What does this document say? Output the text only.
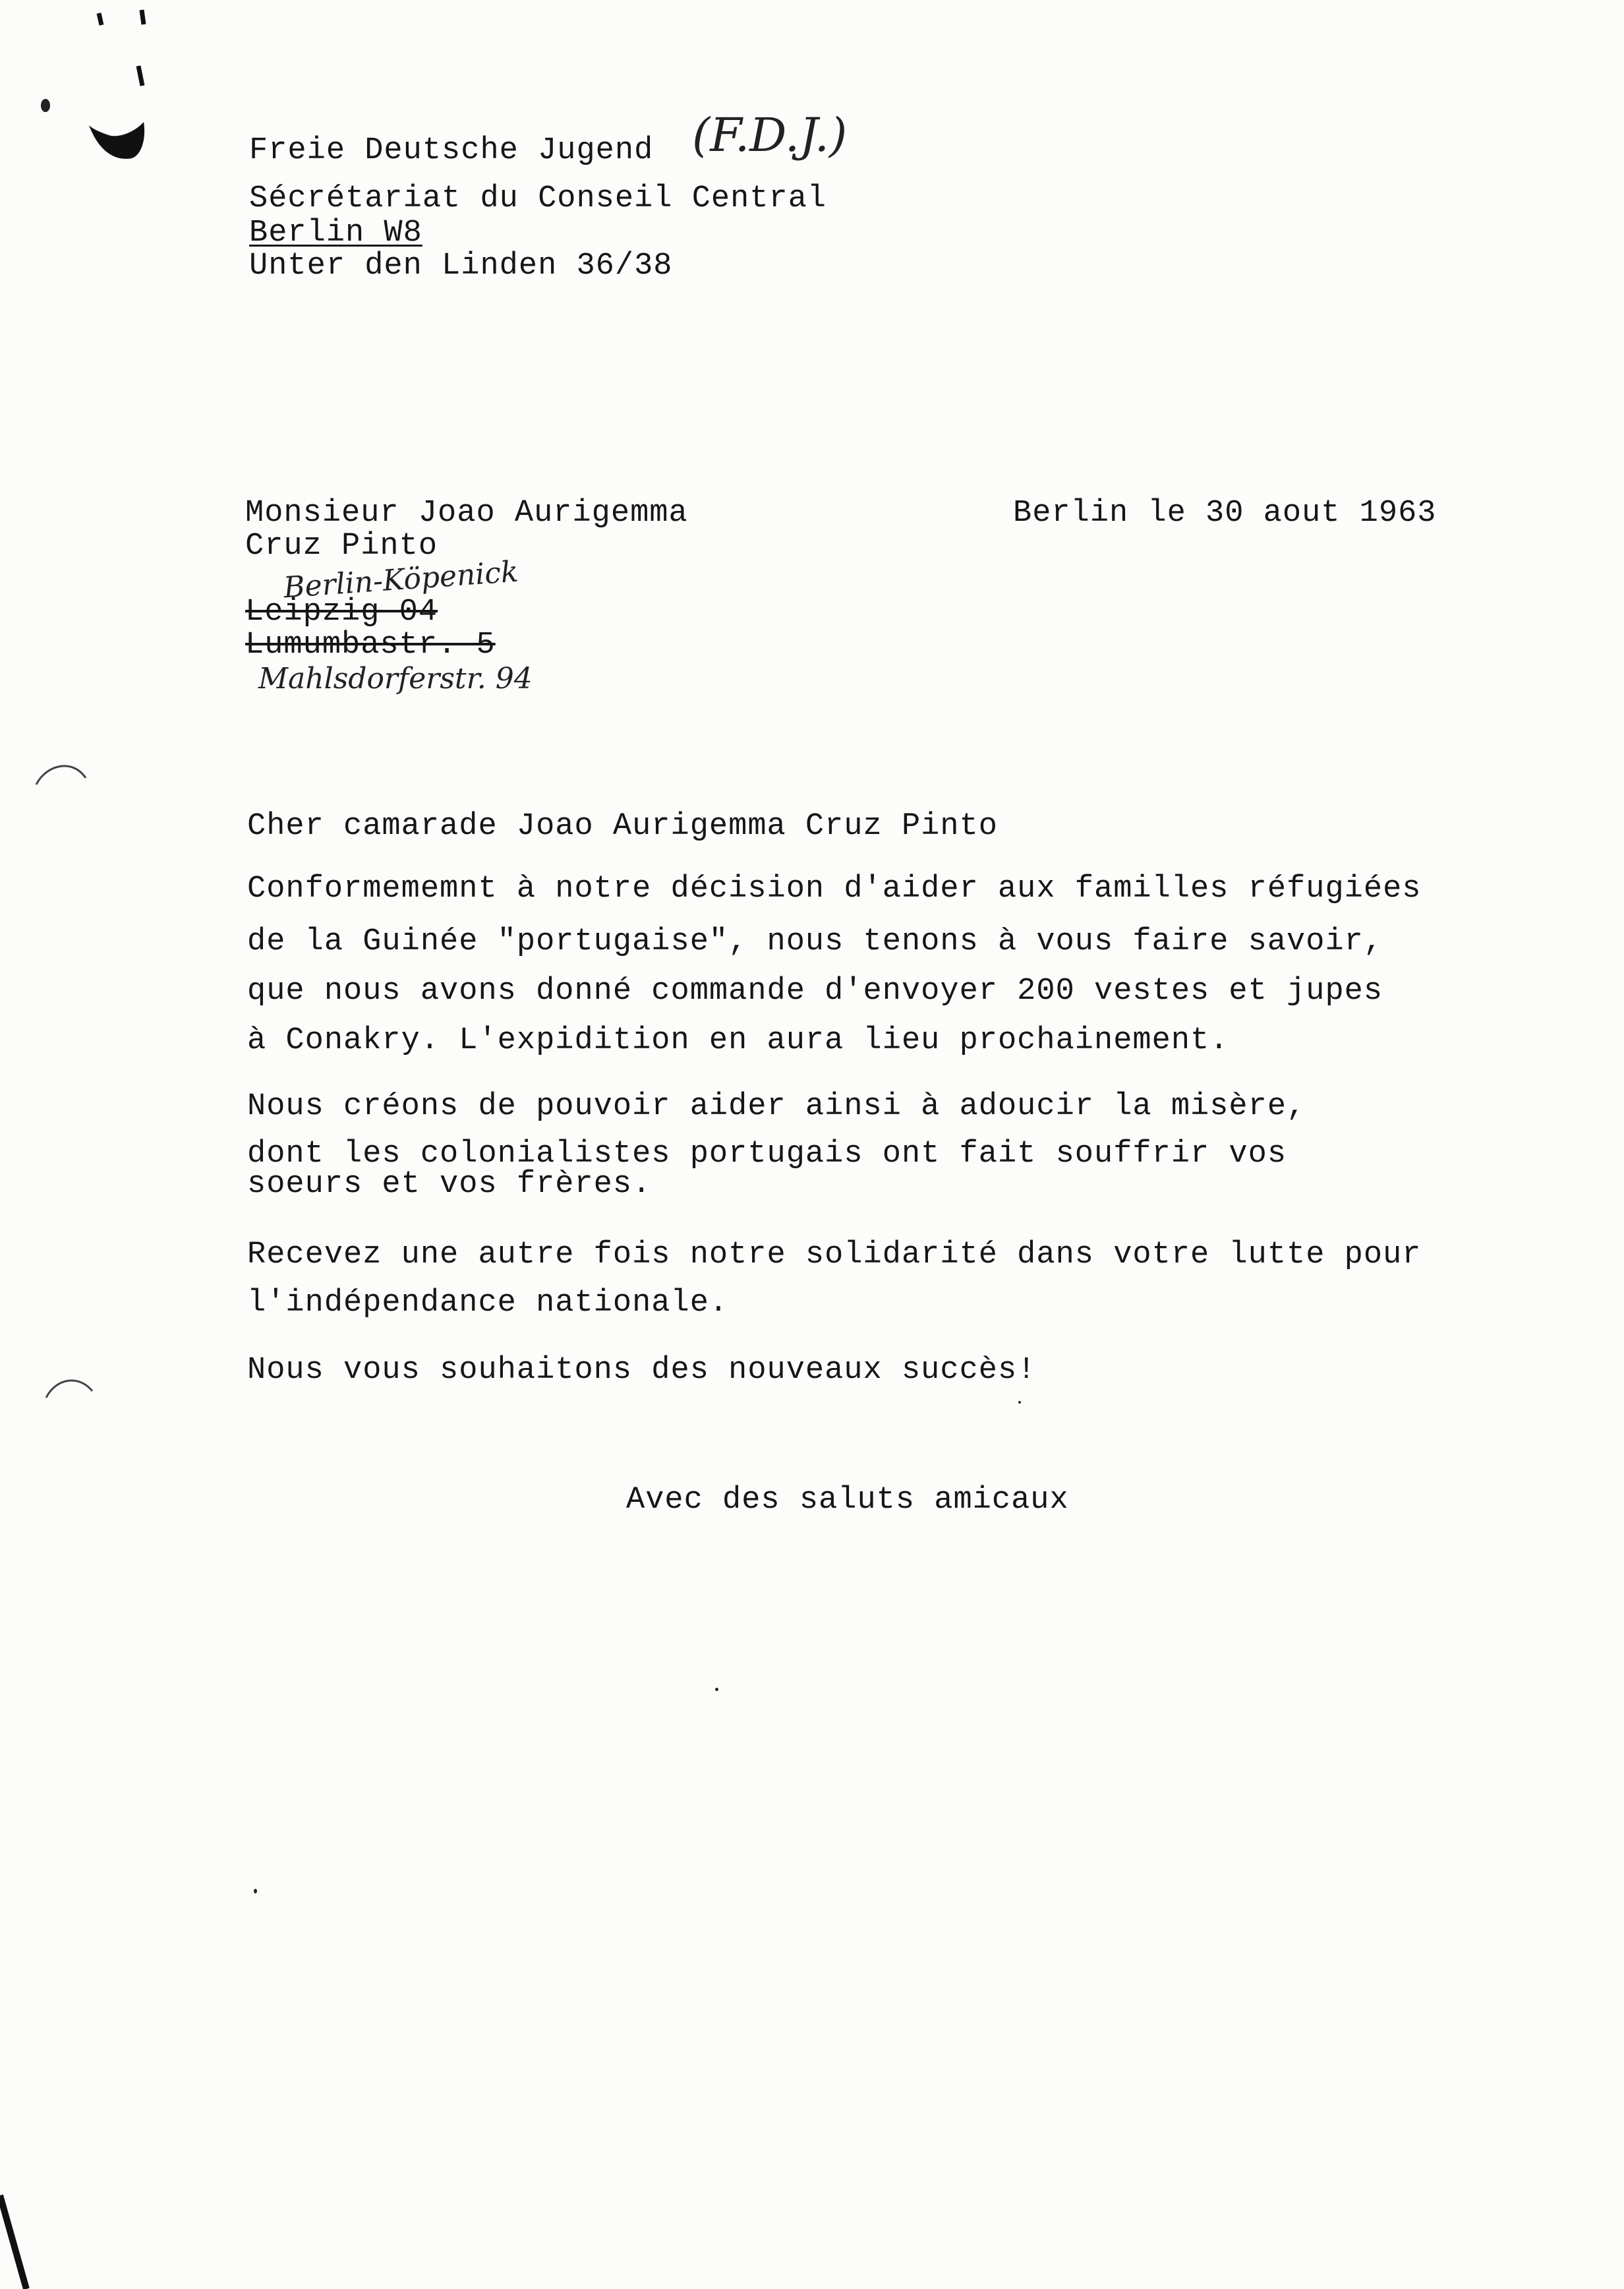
Freie Deutsche Jugend (F.D.J.)
Sécrétariat du Conseil Central
Berlin W8
Unter den Linden 36/38
Monsieur Joao Aurigemma
Cruz Pinto
Berlin-Köpenick
Leipzig 04
Lumumbastr. 5
Mahlsdorferstr. 94
Berlin le 30 aout 1963
Cher camarade Joao Aurigemma Cruz Pinto
Conformememnt à notre décision d'aider aux familles réfugiées
de la Guinée "portugaise", nous tenons à vous faire savoir,
que nous avons donné commande d'envoyer 200 vestes et jupes
à Conakry. L'expidition en aura lieu prochainement.
Nous créons de pouvoir aider ainsi à adoucir la misère,
dont les colonialistes portugais ont fait souffrir vos
soeurs et vos frères.
Recevez une autre fois notre solidarité dans votre lutte pour
l'indépendance nationale.
Nous vous souhaitons des nouveaux succès!
Avec des saluts amicaux
